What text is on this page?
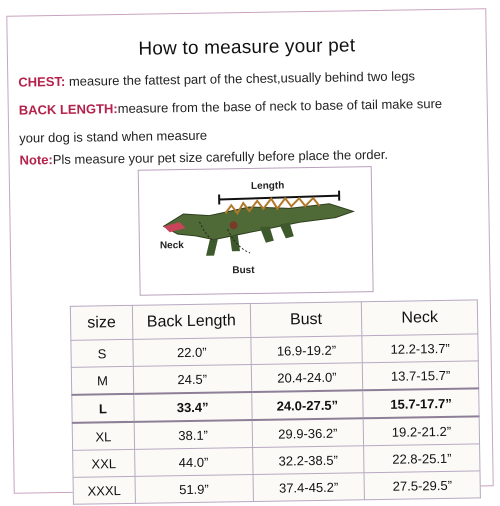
How to measure your pet
CHEST: measure the fattest part of the chest,usually behind two legs
BACK LENGTH:measure from the base of neck to base of tail make sure
your dog is stand when measure
Note:Pls measure your pet size carefully before place the order.
Length
Neck
Bust
size	Back Length	Bust	Neck
S	22.0”	16.9-19.2”	12.2-13.7”
M	24.5”	20.4-24.0”	13.7-15.7”
L	33.4”	24.0-27.5”	15.7-17.7”
XL	38.1”	29.9-36.2”	19.2-21.2”
XXL	44.0”	32.2-38.5”	22.8-25.1”
XXXL	51.9”	37.4-45.2”	27.5-29.5”
